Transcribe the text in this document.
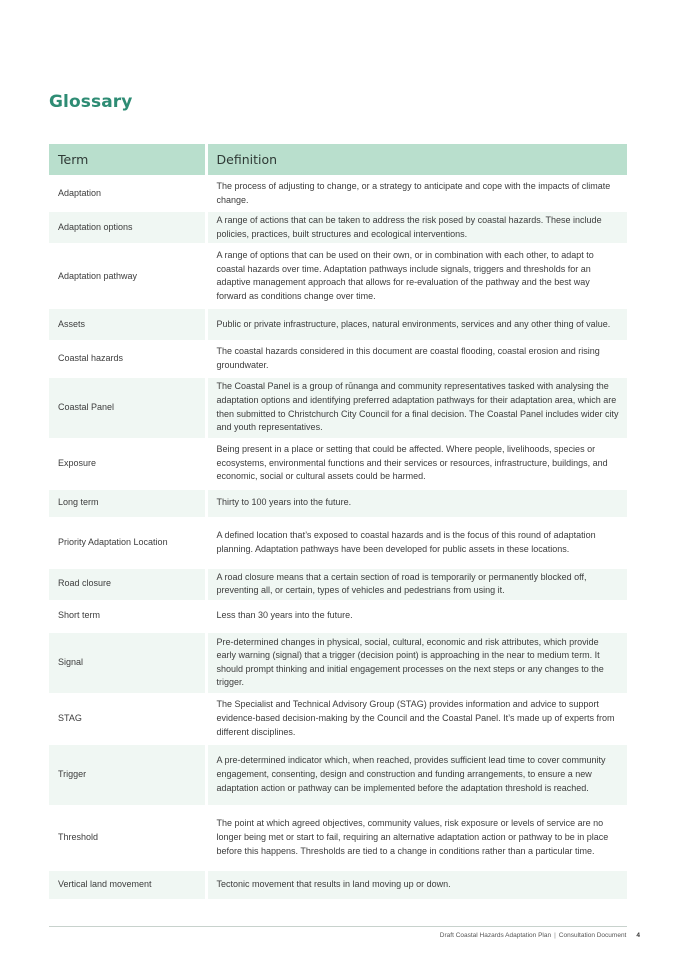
Glossary
Term	Definition
Adaptation	The process of adjusting to change, or a strategy to anticipate and cope with the impacts of climate change.
Adaptation options	A range of actions that can be taken to address the risk posed by coastal hazards. These include policies, practices, built structures and ecological interventions.
Adaptation pathway	A range of options that can be used on their own, or in combination with each other, to adapt to coastal hazards over time. Adaptation pathways include signals, triggers and thresholds for an adaptive management approach that allows for re-evaluation of the pathway and the best way forward as conditions change over time.
Assets	Public or private infrastructure, places, natural environments, services and any other thing of value.
Coastal hazards	The coastal hazards considered in this document are coastal flooding, coastal erosion and rising groundwater.
Coastal Panel	The Coastal Panel is a group of rūnanga and community representatives tasked with analysing the adaptation options and identifying preferred adaptation pathways for their adaptation area, which are then submitted to Christchurch City Council for a final decision. The Coastal Panel includes wider city and youth representatives.
Exposure	Being present in a place or setting that could be affected. Where people, livelihoods, species or ecosystems, environmental functions and their services or resources, infrastructure, buildings, and economic, social or cultural assets could be harmed.
Long term	Thirty to 100 years into the future.
Priority Adaptation Location	A defined location that’s exposed to coastal hazards and is the focus of this round of adaptation planning. Adaptation pathways have been developed for public assets in these locations.
Road closure	A road closure means that a certain section of road is temporarily or permanently blocked off, preventing all, or certain, types of vehicles and pedestrians from using it.
Short term	Less than 30 years into the future.
Signal	Pre-determined changes in physical, social, cultural, economic and risk attributes, which provide early warning (signal) that a trigger (decision point) is approaching in the near to medium term. It should prompt thinking and initial engagement processes on the next steps or any changes to the trigger.
STAG	The Specialist and Technical Advisory Group (STAG) provides information and advice to support evidence-based decision-making by the Council and the Coastal Panel. It’s made up of experts from different disciplines.
Trigger	A pre-determined indicator which, when reached, provides sufficient lead time to cover community engagement, consenting, design and construction and funding arrangements, to ensure a new adaptation action or pathway can be implemented before the adaptation threshold is reached.
Threshold	The point at which agreed objectives, community values, risk exposure or levels of service are no longer being met or start to fail, requiring an alternative adaptation action or pathway to be in place before this happens. Thresholds are tied to a change in conditions rather than a particular time.
Vertical land movement	Tectonic movement that results in land moving up or down.
Draft Coastal Hazards Adaptation Plan | Consultation Document 4
